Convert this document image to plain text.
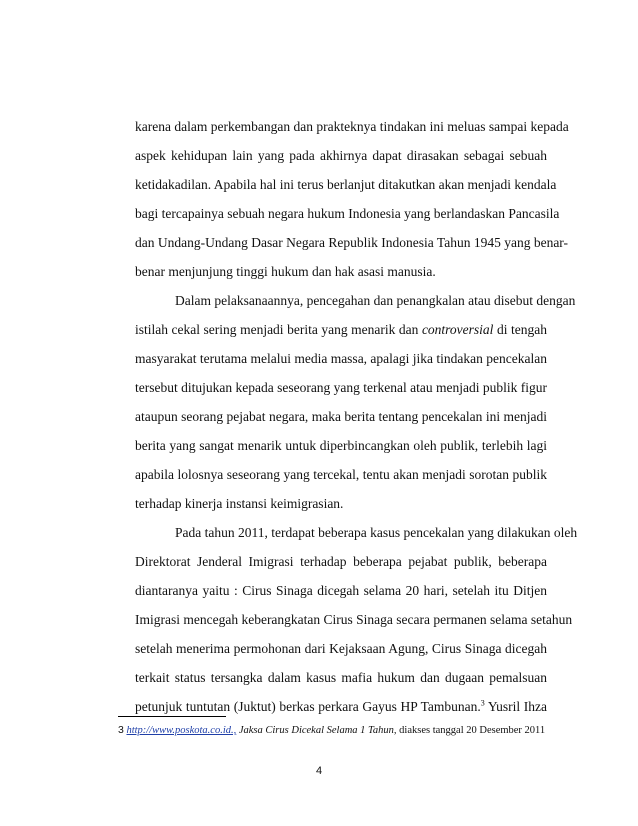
karena dalam perkembangan dan prakteknya tindakan ini meluas sampai kepada
aspek kehidupan lain yang pada akhirnya dapat dirasakan sebagai sebuah
ketidakadilan. Apabila hal ini terus berlanjut ditakutkan akan menjadi kendala
bagi tercapainya sebuah negara hukum Indonesia yang berlandaskan Pancasila
dan Undang-Undang Dasar Negara Republik Indonesia Tahun 1945 yang benar-
benar menjunjung tinggi hukum dan hak asasi manusia.
Dalam pelaksanaannya, pencegahan dan penangkalan atau disebut dengan
istilah cekal sering menjadi berita yang menarik dan controversial di tengah
masyarakat terutama melalui media massa, apalagi jika tindakan pencekalan
tersebut ditujukan kepada seseorang yang terkenal atau menjadi publik figur
ataupun seorang pejabat negara, maka berita tentang pencekalan ini menjadi
berita yang sangat menarik untuk diperbincangkan oleh publik, terlebih lagi
apabila lolosnya seseorang yang tercekal, tentu akan menjadi sorotan publik
terhadap kinerja instansi keimigrasian.
Pada tahun 2011, terdapat beberapa kasus pencekalan yang dilakukan oleh
Direktorat Jenderal Imigrasi terhadap beberapa pejabat publik, beberapa
diantaranya yaitu : Cirus Sinaga dicegah selama 20 hari, setelah itu Ditjen
Imigrasi mencegah keberangkatan Cirus Sinaga secara permanen selama setahun
setelah menerima permohonan dari Kejaksaan Agung, Cirus Sinaga dicegah
terkait status tersangka dalam kasus mafia hukum dan dugaan pemalsuan
petunjuk tuntutan (Juktut) berkas perkara Gayus HP Tambunan.$^3$ Yusril Ihza
3 http://www.poskota.co.id., Jaksa Cirus Dicekal Selama 1 Tahun, diakses tanggal 20 Desember 2011
4
